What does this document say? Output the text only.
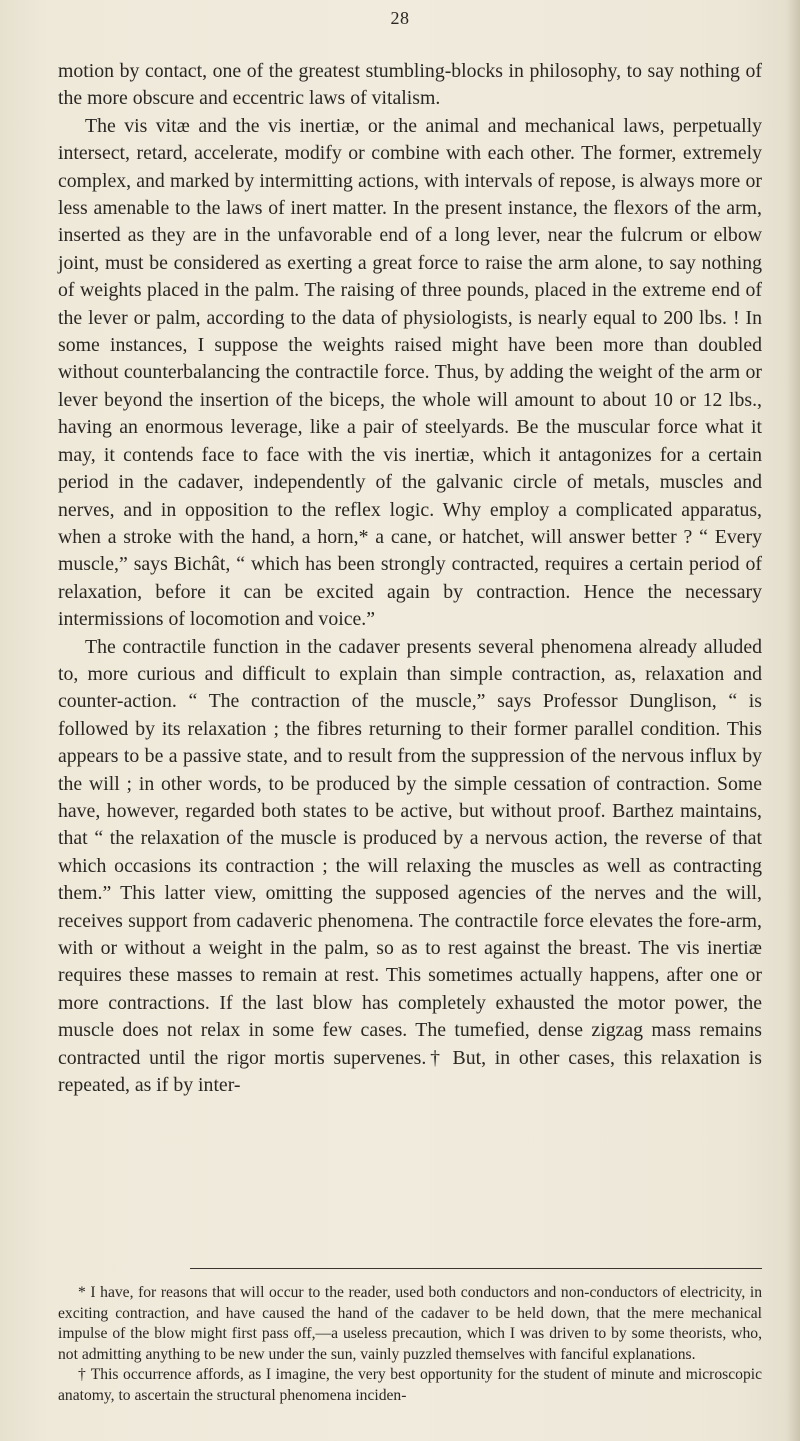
28

motion by contact, one of the greatest stumbling-blocks in philosophy, to say nothing of the more obscure and eccentric laws of vitalism.

The vis vitæ and the vis inertiæ, or the animal and mechanical laws, perpetually intersect, retard, accelerate, modify or combine with each other. The former, extremely complex, and marked by intermitting actions, with intervals of repose, is always more or less amenable to the laws of inert matter. In the present instance, the flexors of the arm, inserted as they are in the unfavorable end of a long lever, near the fulcrum or elbow joint, must be considered as exerting a great force to raise the arm alone, to say nothing of weights placed in the palm. The raising of three pounds, placed in the extreme end of the lever or palm, according to the data of physiologists, is nearly equal to 200 lbs. ! In some instances, I suppose the weights raised might have been more than doubled without counterbalancing the contractile force. Thus, by adding the weight of the arm or lever beyond the insertion of the biceps, the whole will amount to about 10 or 12 lbs., having an enormous leverage, like a pair of steelyards. Be the muscular force what it may, it contends face to face with the vis inertiæ, which it antagonizes for a certain period in the cadaver, independently of the galvanic circle of metals, muscles and nerves, and in opposition to the reflex logic. Why employ a complicated apparatus, when a stroke with the hand, a horn,* a cane, or hatchet, will answer better ? “ Every muscle,” says Bichât, “ which has been strongly contracted, requires a certain period of relaxation, before it can be excited again by contraction. Hence the necessary intermissions of locomotion and voice.”

The contractile function in the cadaver presents several phenomena already alluded to, more curious and difficult to explain than simple contraction, as, relaxation and counter-action. “ The contraction of the muscle,” says Professor Dunglison, “ is followed by its relaxation ; the fibres returning to their former parallel condition. This appears to be a passive state, and to result from the suppression of the nervous influx by the will ; in other words, to be produced by the simple cessation of contraction. Some have, however, regarded both states to be active, but without proof. Barthez maintains, that “ the relaxation of the muscle is produced by a nervous action, the reverse of that which occasions its contraction ; the will relaxing the muscles as well as contracting them.” This latter view, omitting the supposed agencies of the nerves and the will, receives support from cadaveric phenomena. The contractile force elevates the fore-arm, with or without a weight in the palm, so as to rest against the breast. The vis inertiæ requires these masses to remain at rest. This sometimes actually happens, after one or more contractions. If the last blow has completely exhausted the motor power, the muscle does not relax in some few cases. The tumefied, dense zigzag mass remains contracted until the rigor mortis supervenes.† But, in other cases, this relaxation is repeated, as if by inter-

* I have, for reasons that will occur to the reader, used both conductors and non-conductors of electricity, in exciting contraction, and have caused the hand of the cadaver to be held down, that the mere mechanical impulse of the blow might first pass off,—a useless precaution, which I was driven to by some theorists, who, not admitting anything to be new under the sun, vainly puzzled themselves with fanciful explanations.

† This occurrence affords, as I imagine, the very best opportunity for the student of minute and microscopic anatomy, to ascertain the structural phenomena inciden-
